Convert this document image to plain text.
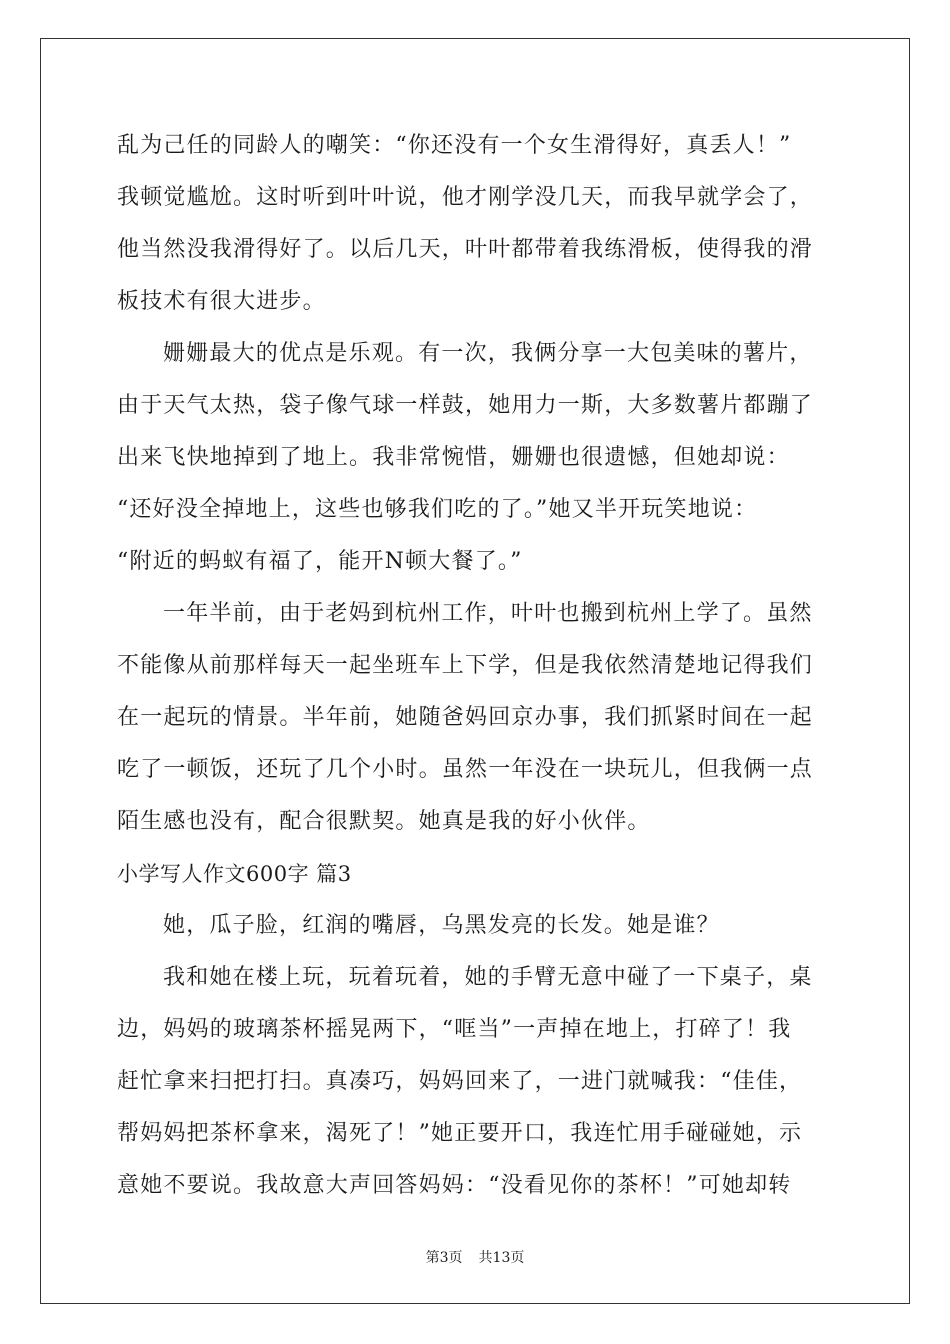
乱为己任的同龄人的嘲笑：“你还没有一个女生滑得好，真丢人！”
我顿觉尴尬。这时听到叶叶说，他才刚学没几天，而我早就学会了，
他当然没我滑得好了。以后几天，叶叶都带着我练滑板，使得我的滑
板技术有很大进步。
姗姗最大的优点是乐观。有一次，我俩分享一大包美味的薯片，
由于天气太热，袋子像气球一样鼓，她用力一斯，大多数薯片都蹦了
出来飞快地掉到了地上。我非常惋惜，姗姗也很遗憾，但她却说：
“还好没全掉地上，这些也够我们吃的了。”她又半开玩笑地说：
“附近的蚂蚁有福了，能开N顿大餐了。”
一年半前，由于老妈到杭州工作，叶叶也搬到杭州上学了。虽然
不能像从前那样每天一起坐班车上下学，但是我依然清楚地记得我们
在一起玩的情景。半年前，她随爸妈回京办事，我们抓紧时间在一起
吃了一顿饭，还玩了几个小时。虽然一年没在一块玩儿，但我俩一点
陌生感也没有，配合很默契。她真是我的好小伙伴。
小学写人作文600字 篇3
她，瓜子脸，红润的嘴唇，乌黑发亮的长发。她是谁？
我和她在楼上玩，玩着玩着，她的手臂无意中碰了一下桌子，桌
边，妈妈的玻璃茶杯摇晃两下，“哐当”一声掉在地上，打碎了！我
赶忙拿来扫把打扫。真凑巧，妈妈回来了，一进门就喊我：“佳佳，
帮妈妈把茶杯拿来，渴死了！”她正要开口，我连忙用手碰碰她，示
意她不要说。我故意大声回答妈妈：“没看见你的茶杯！”可她却转
第3页 共13页
